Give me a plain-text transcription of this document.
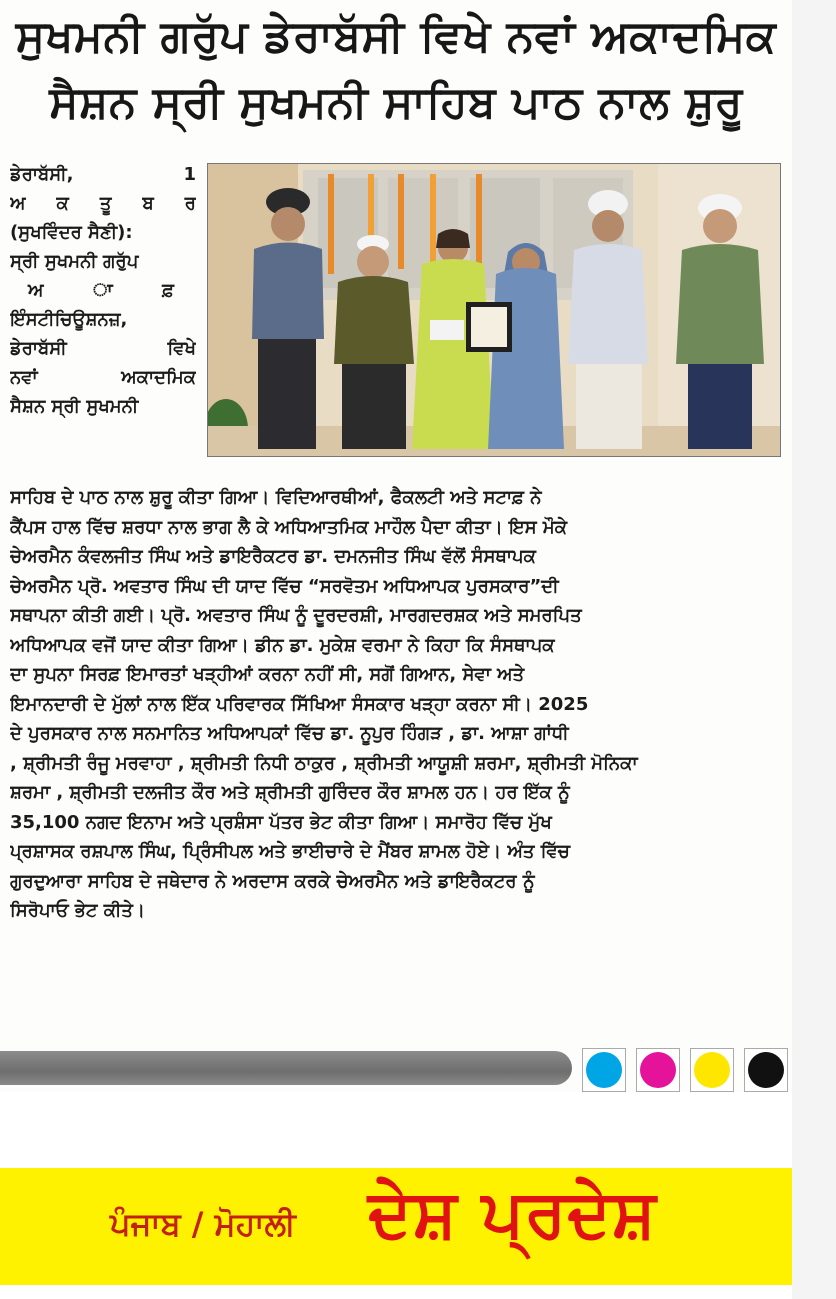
ਸੁਖਮਨੀ ਗਰੁੱਪ ਡੇਰਾਬੱਸੀ ਵਿਖੇ ਨਵਾਂ ਅਕਾਦਮਿਕ
ਸੈਸ਼ਨ ਸ੍ਰੀ ਸੁਖਮਨੀ ਸਾਹਿਬ ਪਾਠ ਨਾਲ ਸ਼ੁਰੂ
ਡੇਰਾਬੱਸੀ,	1
ਅ ਕ ਤੂ ਬ ਰ
(ਸੁਖਵਿੰਦਰ ਸੈਣੀ):
ਸ੍ਰੀ ਸੁਖਮਨੀ ਗਰੁੱਪ
ਅ	ਾ	ਫ਼
ਇੰਸਟੀਚਿਊਸ਼ਨਜ਼,
ਡੇਰਾਬੱਸੀ	ਵਿਖੇ
ਨਵਾਂ	ਅਕਾਦਮਿਕ
ਸੈਸ਼ਨ ਸ੍ਰੀ ਸੁਖਮਨੀ
ਸਾਹਿਬ ਦੇ ਪਾਠ ਨਾਲ ਸ਼ੁਰੂ ਕੀਤਾ ਗਿਆ। ਵਿਦਿਆਰਥੀਆਂ, ਫੈਕਲਟੀ ਅਤੇ ਸਟਾਫ਼ ਨੇ
ਕੈਂਪਸ ਹਾਲ ਵਿੱਚ ਸ਼ਰਧਾ ਨਾਲ ਭਾਗ ਲੈ ਕੇ ਅਧਿਆਤਮਿਕ ਮਾਹੌਲ ਪੈਦਾ ਕੀਤਾ। ਇਸ ਮੌਕੇ
ਚੇਅਰਮੈਨ ਕੰਵਲਜੀਤ ਸਿੰਘ ਅਤੇ ਡਾਇਰੈਕਟਰ ਡਾ. ਦਮਨਜੀਤ ਸਿੰਘ ਵੱਲੋਂ ਸੰਸਥਾਪਕ
ਚੇਅਰਮੈਨ ਪ੍ਰੋ. ਅਵਤਾਰ ਸਿੰਘ ਦੀ ਯਾਦ ਵਿੱਚ “ਸਰਵੋਤਮ ਅਧਿਆਪਕ ਪੁਰਸਕਾਰ”ਦੀ
ਸਥਾਪਨਾ ਕੀਤੀ ਗਈ। ਪ੍ਰੋ. ਅਵਤਾਰ ਸਿੰਘ ਨੂੰ ਦੂਰਦਰਸ਼ੀ, ਮਾਰਗਦਰਸ਼ਕ ਅਤੇ ਸਮਰਪਿਤ
ਅਧਿਆਪਕ ਵਜੋਂ ਯਾਦ ਕੀਤਾ ਗਿਆ। ਡੀਨ ਡਾ. ਮੁਕੇਸ਼ ਵਰਮਾ ਨੇ ਕਿਹਾ ਕਿ ਸੰਸਥਾਪਕ
ਦਾ ਸੁਪਨਾ ਸਿਰਫ਼ ਇਮਾਰਤਾਂ ਖੜ੍ਹੀਆਂ ਕਰਨਾ ਨਹੀਂ ਸੀ, ਸਗੋਂ ਗਿਆਨ, ਸੇਵਾ ਅਤੇ
ਇਮਾਨਦਾਰੀ ਦੇ ਮੁੱਲਾਂ ਨਾਲ ਇੱਕ ਪਰਿਵਾਰਕ ਸਿੱਖਿਆ ਸੰਸਕਾਰ ਖੜ੍ਹਾ ਕਰਨਾ ਸੀ। 2025
ਦੇ ਪੁਰਸਕਾਰ ਨਾਲ ਸਨਮਾਨਿਤ ਅਧਿਆਪਕਾਂ ਵਿੱਚ ਡਾ. ਨੂਪੁਰ ਹਿੰਗੜ , ਡਾ. ਆਸ਼ਾ ਗਾਂਧੀ
, ਸ਼੍ਰੀਮਤੀ ਰੰਜੂ ਮਰਵਾਹਾ , ਸ਼੍ਰੀਮਤੀ ਨਿਧੀ ਠਾਕੁਰ , ਸ਼੍ਰੀਮਤੀ ਆਯੂਸ਼ੀ ਸ਼ਰਮਾ, ਸ਼੍ਰੀਮਤੀ ਮੋਨਿਕਾ
ਸ਼ਰਮਾ , ਸ਼੍ਰੀਮਤੀ ਦਲਜੀਤ ਕੌਰ ਅਤੇ ਸ਼੍ਰੀਮਤੀ ਗੁਰਿੰਦਰ ਕੌਰ ਸ਼ਾਮਲ ਹਨ। ਹਰ ਇੱਕ ਨੂੰ
35,100 ਨਗਦ ਇਨਾਮ ਅਤੇ ਪ੍ਰਸ਼ੰਸਾ ਪੱਤਰ ਭੇਟ ਕੀਤਾ ਗਿਆ। ਸਮਾਰੋਹ ਵਿੱਚ ਮੁੱਖ
ਪ੍ਰਸ਼ਾਸਕ ਰਸ਼ਪਾਲ ਸਿੰਘ, ਪ੍ਰਿੰਸੀਪਲ ਅਤੇ ਭਾਈਚਾਰੇ ਦੇ ਮੈਂਬਰ ਸ਼ਾਮਲ ਹੋਏ। ਅੰਤ ਵਿੱਚ
ਗੁਰਦੁਆਰਾ ਸਾਹਿਬ ਦੇ ਜਥੇਦਾਰ ਨੇ ਅਰਦਾਸ ਕਰਕੇ ਚੇਅਰਮੈਨ ਅਤੇ ਡਾਇਰੈਕਟਰ ਨੂੰ
ਸਿਰੋਪਾਓ ਭੇਟ ਕੀਤੇ।
ਪੰਜਾਬ / ਮੋਹਾਲੀ ਦੇਸ਼ ਪ੍ਰਦੇਸ਼
